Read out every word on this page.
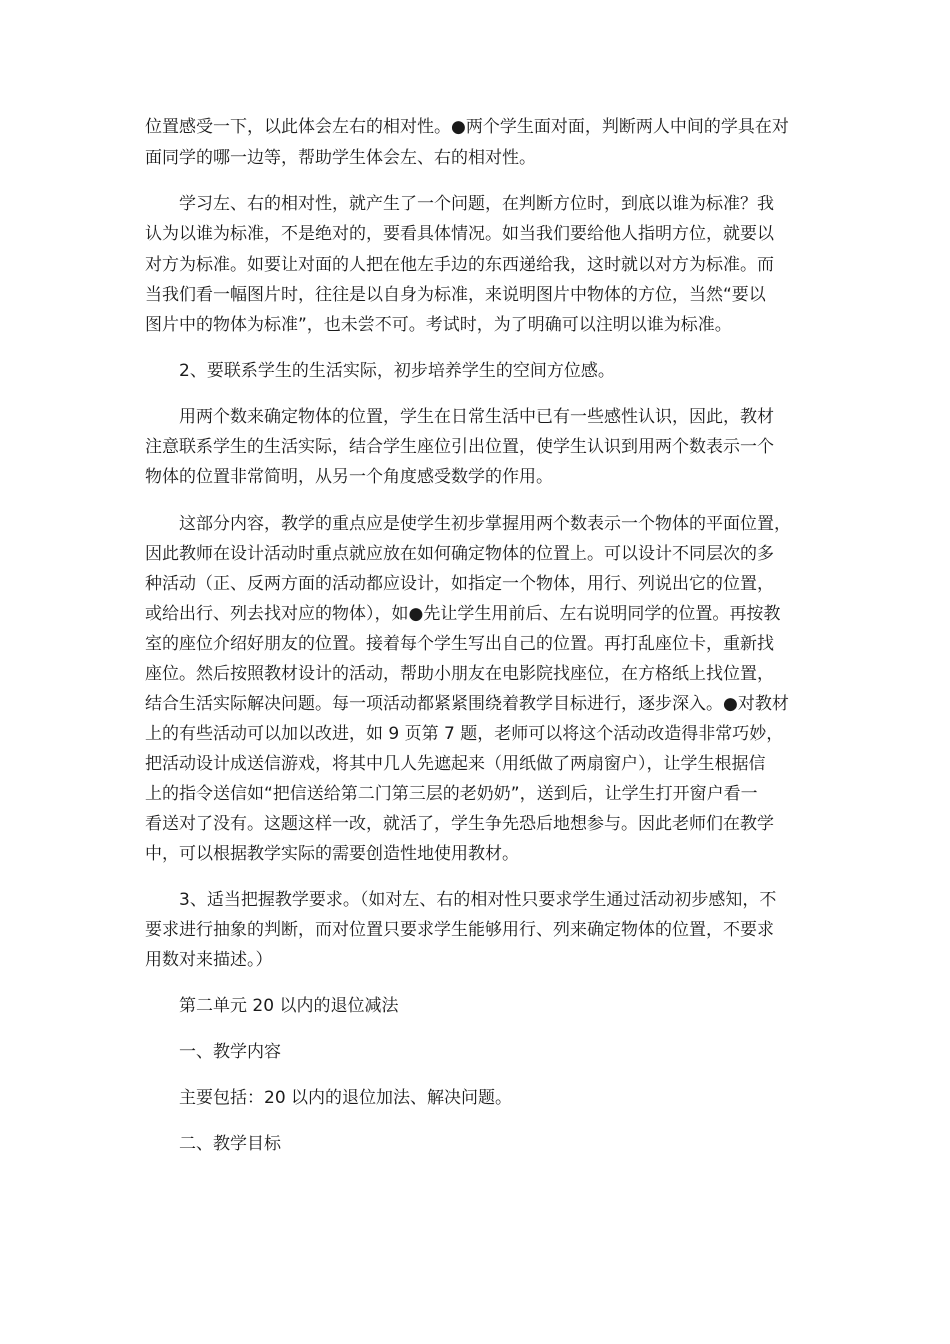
位置感受一下，以此体会左右的相对性。●两个学生面对面，判断两人中间的学具在对
面同学的哪一边等，帮助学生体会左、右的相对性。
学习左、右的相对性，就产生了一个问题，在判断方位时，到底以谁为标准？我
认为以谁为标准，不是绝对的，要看具体情况。如当我们要给他人指明方位，就要以
对方为标准。如要让对面的人把在他左手边的东西递给我，这时就以对方为标准。而
当我们看一幅图片时，往往是以自身为标准，来说明图片中物体的方位，当然“要以
图片中的物体为标准”，也未尝不可。考试时，为了明确可以注明以谁为标准。
2、要联系学生的生活实际，初步培养学生的空间方位感。
用两个数来确定物体的位置，学生在日常生活中已有一些感性认识，因此，教材
注意联系学生的生活实际，结合学生座位引出位置，使学生认识到用两个数表示一个
物体的位置非常简明，从另一个角度感受数学的作用。
这部分内容，教学的重点应是使学生初步掌握用两个数表示一个物体的平面位置，
因此教师在设计活动时重点就应放在如何确定物体的位置上。可以设计不同层次的多
种活动（正、反两方面的活动都应设计，如指定一个物体，用行、列说出它的位置，
或给出行、列去找对应的物体），如●先让学生用前后、左右说明同学的位置。再按教
室的座位介绍好朋友的位置。接着每个学生写出自己的位置。再打乱座位卡，重新找
座位。然后按照教材设计的活动，帮助小朋友在电影院找座位，在方格纸上找位置，
结合生活实际解决问题。每一项活动都紧紧围绕着教学目标进行，逐步深入。●对教材
上的有些活动可以加以改进，如 9 页第 7 题，老师可以将这个活动改造得非常巧妙，
把活动设计成送信游戏，将其中几人先遮起来（用纸做了两扇窗户），让学生根据信
上的指令送信如“把信送给第二门第三层的老奶奶”，送到后，让学生打开窗户看一
看送对了没有。这题这样一改，就活了，学生争先恐后地想参与。因此老师们在教学
中，可以根据教学实际的需要创造性地使用教材。
3、适当把握教学要求。（如对左、右的相对性只要求学生通过活动初步感知，不
要求进行抽象的判断，而对位置只要求学生能够用行、列来确定物体的位置，不要求
用数对来描述。）
第二单元 20 以内的退位减法
一、教学内容
主要包括：20 以内的退位加法、解决问题。
二、教学目标
